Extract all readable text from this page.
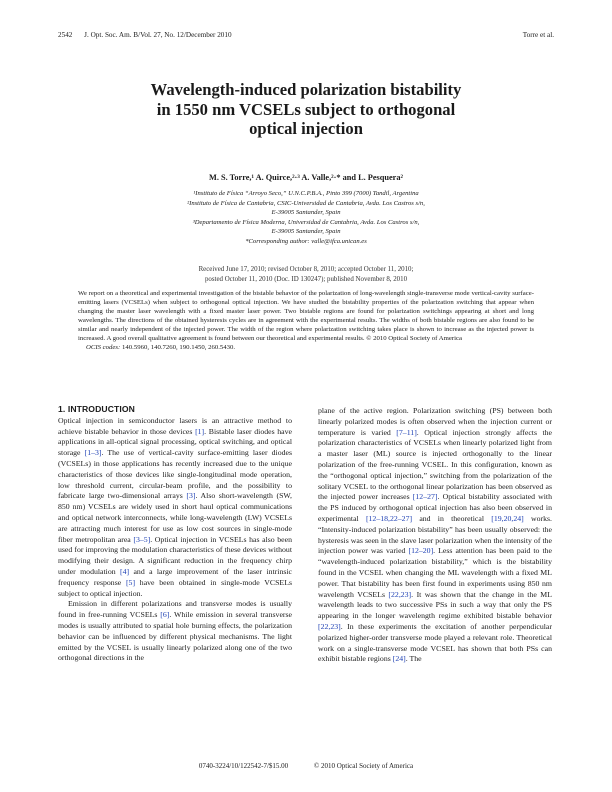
2542 J. Opt. Soc. Am. B/Vol. 27, No. 12/December 2010	Torre et al.
Wavelength-induced polarization bistability
in 1550 nm VCSELs subject to orthogonal
optical injection
M. S. Torre,¹ A. Quirce,²·³ A. Valle,²·* and L. Pesquera²
¹Instituto de Física “Arroyo Seco,” U.N.C.P.B.A., Pinto 399 (7000) Tandil, Argentina
²Instituto de Física de Cantabria, CSIC-Universidad de Cantabria, Avda. Los Castros s/n,
E-39005 Santander, Spain
³Departamento de Física Moderna, Universidad de Cantabria, Avda. Los Castros s/n,
E-39005 Santander, Spain
*Corresponding author: valle@ifca.unican.es
Received June 17, 2010; revised October 8, 2010; accepted October 11, 2010;
posted October 11, 2010 (Doc. ID 130247); published November 8, 2010

We report on a theoretical and experimental investigation of the bistable behavior of the polarization of long-wavelength single-transverse mode vertical-cavity surface-emitting lasers (VCSELs) when subject to orthogonal optical injection. We have studied the bistability properties of the polarization switching that appear when changing the master laser wavelength with a fixed master laser power. Two bistable regions are found for polarization switchings appearing at short and long wavelengths. The directions of the obtained hysteresis cycles are in agreement with the experimental results. The widths of both bistable regions are also found to be similar and nearly independent of the injected power. The width of the region where polarization switching takes place is shown to increase as the injected power is increased. A good overall qualitative agreement is found between our theoretical and experimental results. © 2010 Optical Society of America

OCIS codes: 140.5960, 140.7260, 190.1450, 260.5430.
1. INTRODUCTION

Optical injection in semiconductor lasers is an attractive method to achieve bistable behavior in those devices [1]. Bistable laser diodes have applications in all-optical signal processing, optical switching, and optical storage [1–3]. The use of vertical-cavity surface-emitting laser diodes (VCSELs) in those applications has recently increased due to the unique characteristics of those devices like single-longitudinal mode operation, low threshold current, circular-beam profile, and the possibility to fabricate large two-dimensional arrays [3]. Also short-wavelength (SW, 850 nm) VCSELs are widely used in short haul optical communications and optical network interconnects, while long-wavelength (LW) VCSELs are attracting much interest for use as low cost sources in single-mode fiber metropolitan area [3–5]. Optical injection in VCSELs has also been used for improving the modulation characteristics of these devices without modifying their design. A significant reduction in the frequency chirp under modulation [4] and a large improvement of the laser intrinsic frequency response [5] have been obtained in single-mode VCSELs subject to optical injection.

Emission in different polarizations and transverse modes is usually found in free-running VCSELs [6]. While emission in several transverse modes is usually attributed to spatial hole burning effects, the polarization behavior can be influenced by different physical mechanisms. The light emitted by the VCSEL is usually linearly polarized along one of the two orthogonal directions in the

plane of the active region. Polarization switching (PS) between both linearly polarized modes is often observed when the injection current or temperature is varied [7–11]. Optical injection strongly affects the polarization characteristics of VCSELs when linearly polarized light from a master laser (ML) source is injected orthogonally to the linear polarization of the free-running VCSEL. In this configuration, known as the “orthogonal optical injection,” switching from the polarization of the solitary VCSEL to the orthogonal linear polarization has been observed as the injected power increases [12–27]. Optical bistability associated with the PS induced by orthogonal optical injection has also been observed in experimental [12–18,22–27] and in theoretical [19,20,24] works. “Intensity-induced polarization bistability” has been usually observed: the hysteresis was seen in the slave laser polarization when the intensity of the injection power was varied [12–20]. Less attention has been paid to the “wavelength-induced polarization bistability,” which is the bistability found in the VCSEL when changing the ML wavelength with a fixed ML power. That bistability has been first found in experiments using 850 nm wavelength VCSELs [22,23]. It was shown that the change in the ML wavelength leads to two successive PSs in such a way that only the PS appearing in the longer wavelength regime exhibited bistable behavior [22,23]. In these experiments the excitation of another perpendicular polarized higher-order transverse mode played a relevant role. Theoretical work on a single-transverse mode VCSEL has shown that both PSs can exhibit bistable regions [24]. The

0740-3224/10/122542-7/$15.00	© 2010 Optical Society of America
